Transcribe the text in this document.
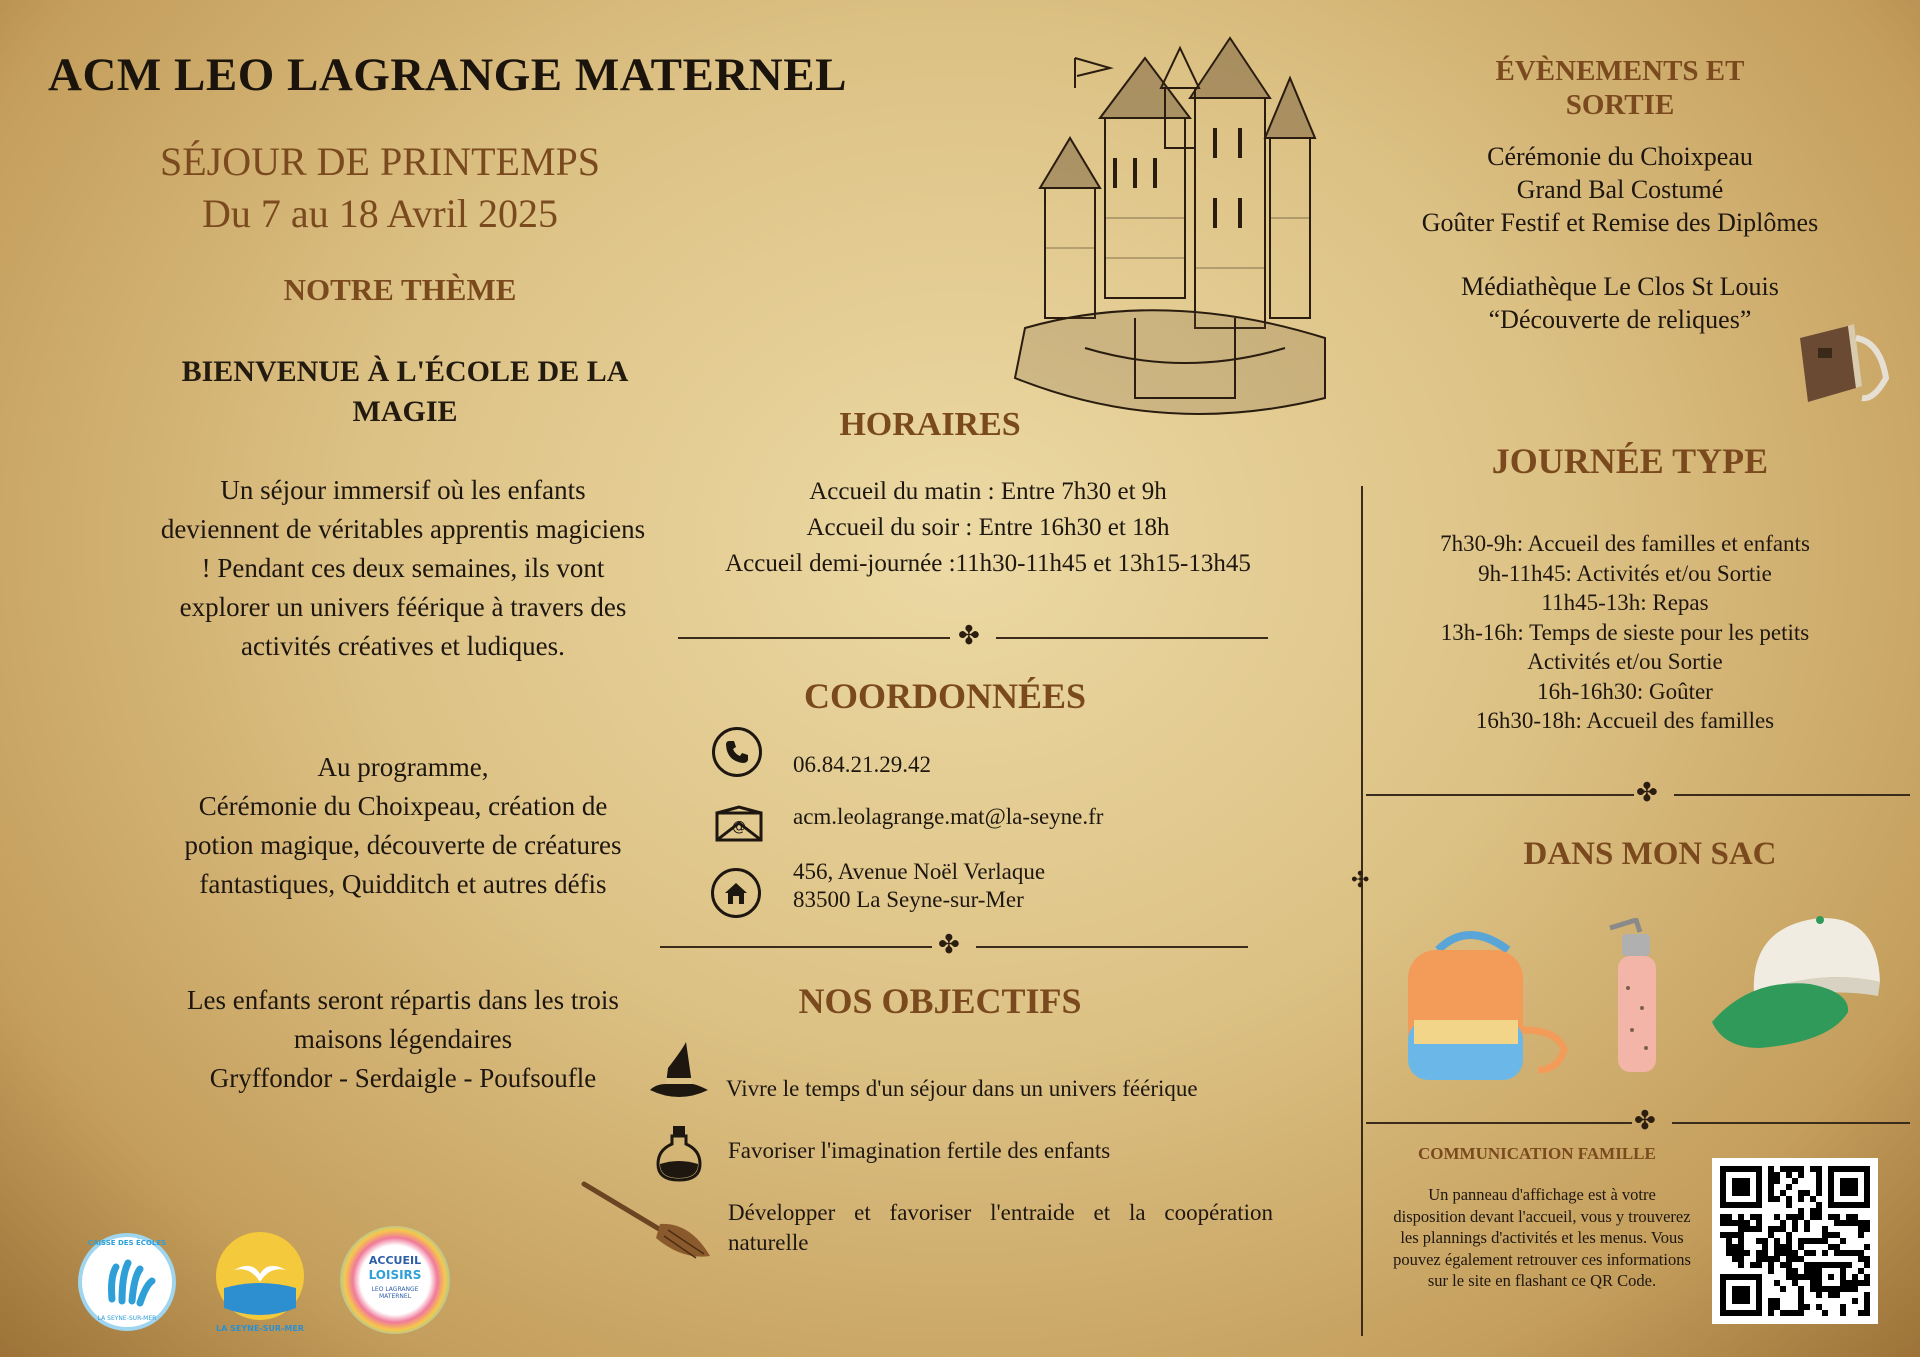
ACM LEO LAGRANGE MATERNEL
SÉJOUR DE PRINTEMPS
Du 7 au 18 Avril 2025
NOTRE THÈME
BIENVENUE À L'ÉCOLE DE LA MAGIE
Un séjour immersif où les enfants deviennent de véritables apprentis magiciens ! Pendant ces deux semaines, ils vont explorer un univers féérique à travers des activités créatives et ludiques.
Au programme,
Cérémonie du Choixpeau, création de potion magique, découverte de créatures fantastiques, Quidditch et autres défis
Les enfants seront répartis dans les trois maisons légendaires
Gryffondor - Serdaigle - Poufsoufle
CAISSE DES ÉCOLES
LA SEYNE-SUR-MER
LA SEYNE-SUR-MER
ACCUEIL
LOISIRS
LEO LAGRANGE MATERNEL
HORAIRES
Accueil du matin : Entre 7h30 et 9h
Accueil du soir : Entre 16h30 et 18h
Accueil demi-journée :11h30-11h45 et 13h15-13h45
✤
COORDONNÉES
06.84.21.29.42
@ acm.leolagrange.mat@la-seyne.fr
456, Avenue Noël Verlaque
83500 La Seyne-sur-Mer
✤
NOS OBJECTIFS
Vivre le temps d'un séjour dans un univers féérique
Favoriser l'imagination fertile des enfants
Développer et favoriser l'entraide et la coopération naturelle
ÉVÈNEMENTS ET
SORTIE
Cérémonie du Choixpeau
Grand Bal Costumé
Goûter Festif et Remise des Diplômes
Médiathèque Le Clos St Louis
“Découverte de reliques”
JOURNÉE TYPE
✣
7h30-9h: Accueil des familles et enfants
9h-11h45: Activités et/ou Sortie
11h45-13h: Repas
13h-16h: Temps de sieste pour les petits
Activités et/ou Sortie
16h-16h30: Goûter
16h30-18h: Accueil des familles
✤
DANS MON SAC
✤
COMMUNICATION FAMILLE
Un panneau d'affichage est à votre disposition devant l'accueil, vous y trouverez les plannings d'activités et les menus. Vous pouvez également retrouver ces informations sur le site en flashant ce QR Code.
